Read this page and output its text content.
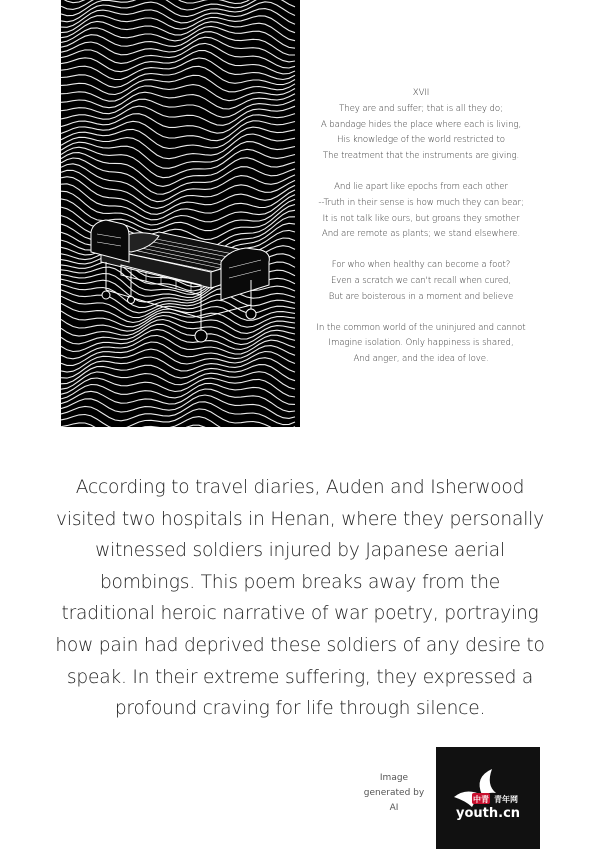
XVII
They are and suffer; that is all they do;
A bandage hides the place where each is living,
His knowledge of the world restricted to
The treatment that the instruments are giving.
And lie apart like epochs from each other
--Truth in their sense is how much they can bear;
It is not talk like ours, but groans they smother
And are remote as plants; we stand elsewhere.
For who when healthy can become a foot?
Even a scratch we can't recall when cured,
But are boisterous in a moment and believe
In the common world of the uninjured and cannot
Imagine isolation. Only happiness is shared,
And anger, and the idea of love.
According to travel diaries, Auden and Isherwood visited two hospitals in Henan, where they personally witnessed soldiers injured by Japanese aerial bombings. This poem breaks away from the traditional heroic narrative of war poetry, portraying how pain had deprived these soldiers of any desire to speak. In their extreme suffering, they expressed a profound craving for life through silence.
Image
generated by
AI
中青 青年网
youth.cn
